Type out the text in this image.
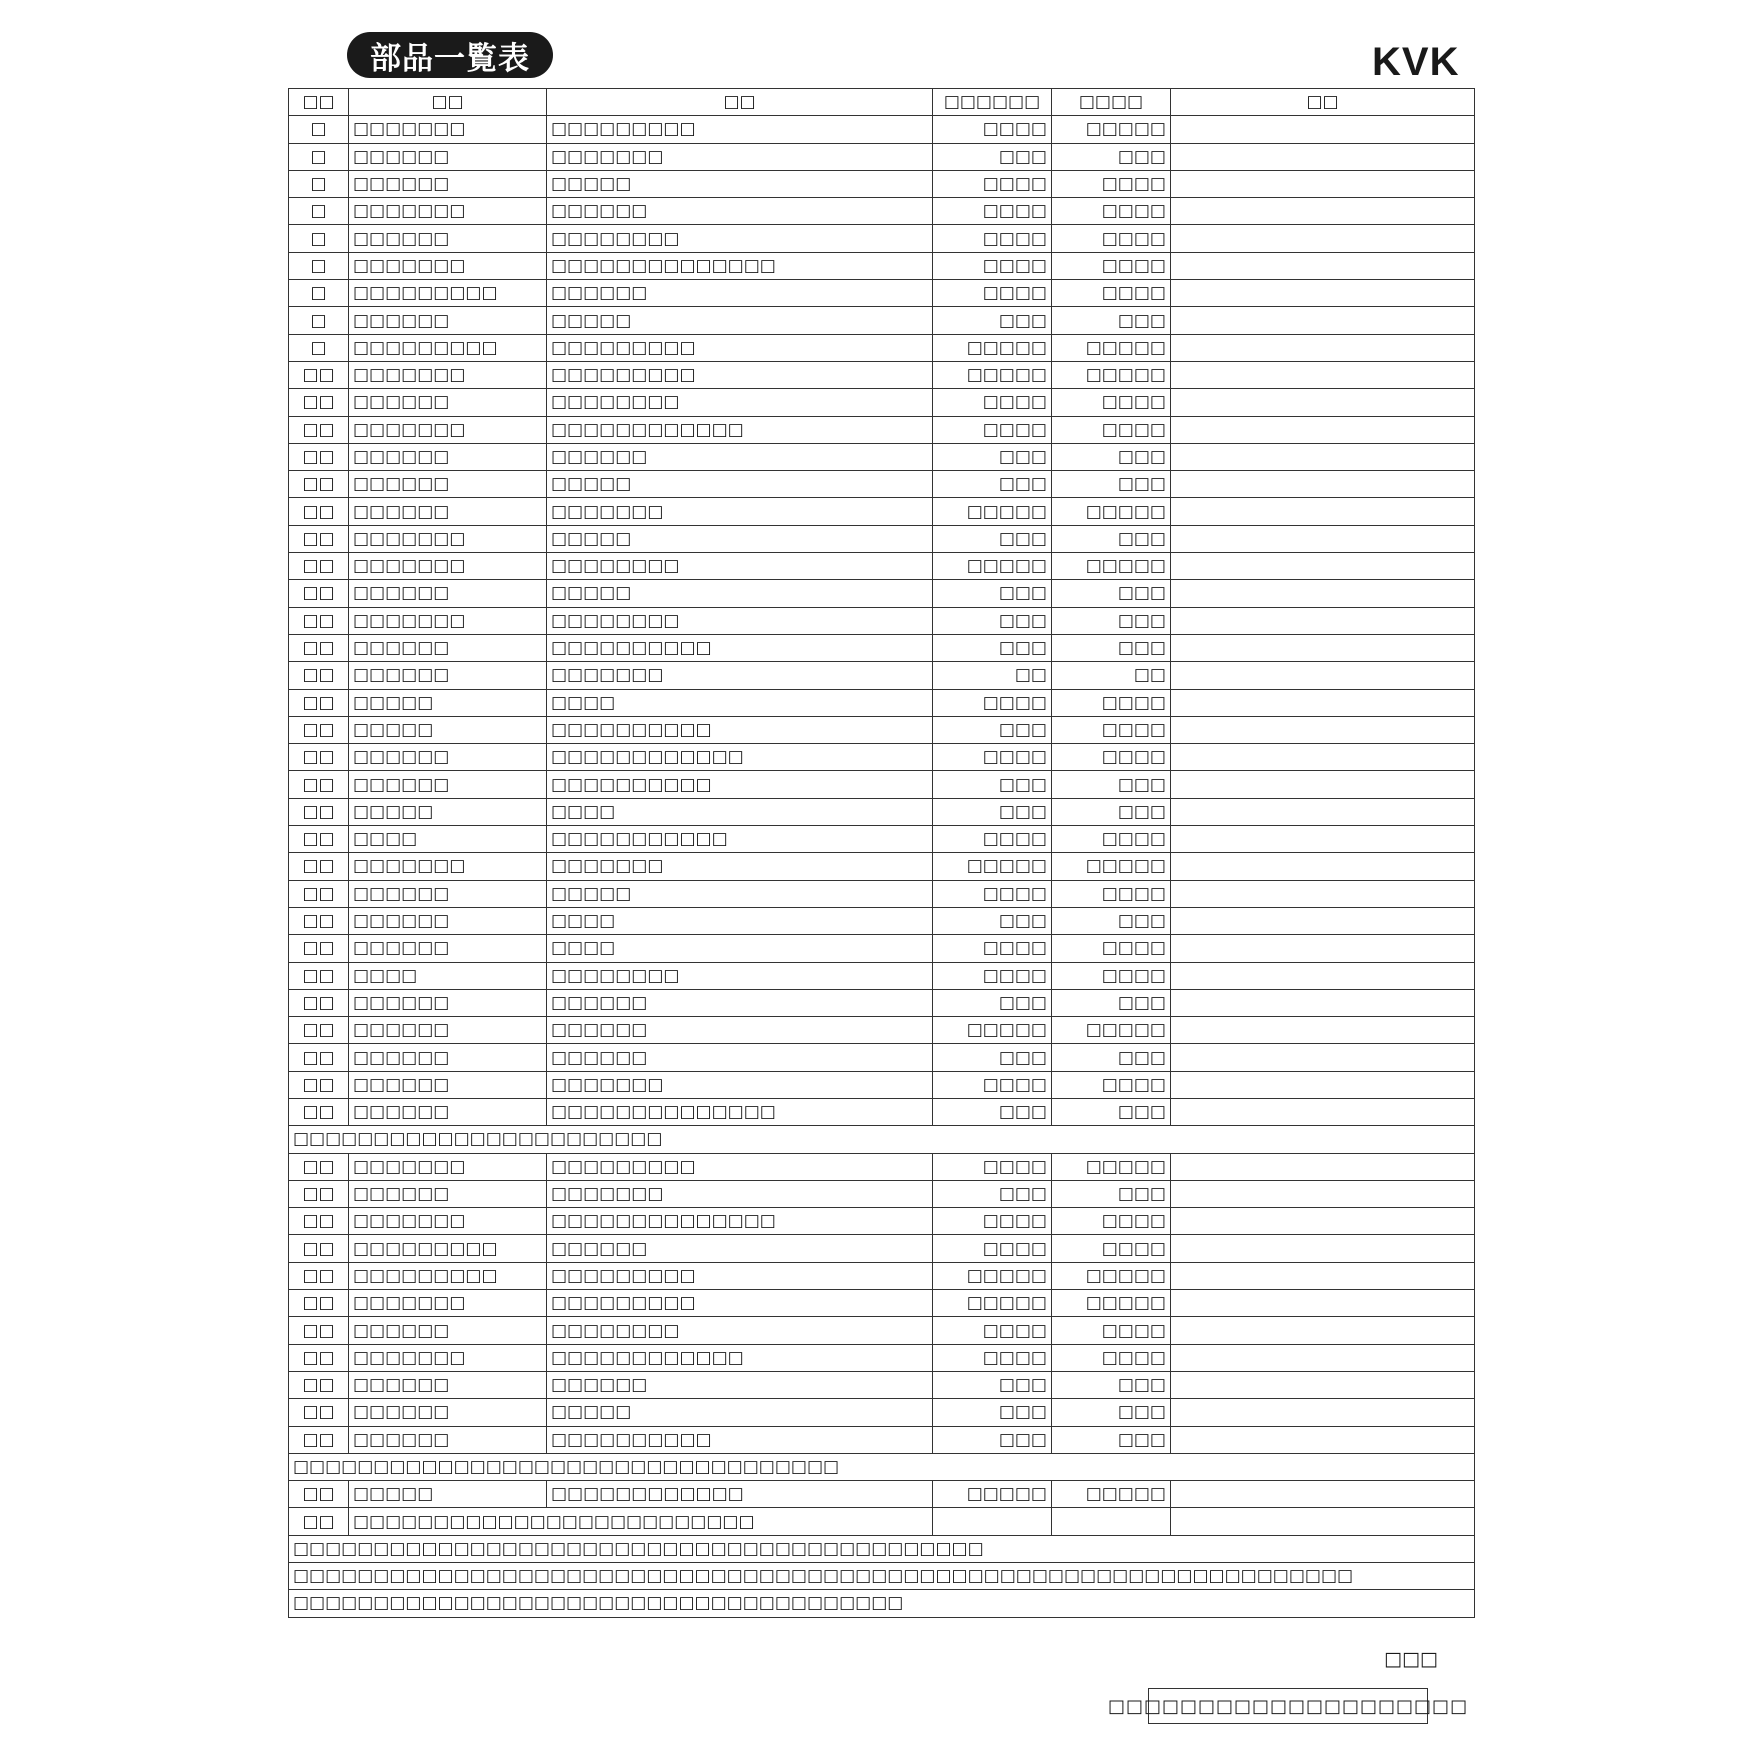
部品一覧表	KVK
□□	□□	□□	□□□□□□	□□□□	□□
□	□□□□□□□	□□□□□□□□□	□□□□	□□□□□	
□	□□□□□□	□□□□□□□	□□□	□□□	
□	□□□□□□	□□□□□	□□□□	□□□□	
□	□□□□□□□	□□□□□□	□□□□	□□□□	
□	□□□□□□	□□□□□□□□	□□□□	□□□□	
□	□□□□□□□	□□□□□□□□□□□□□□	□□□□	□□□□	
□	□□□□□□□□□	□□□□□□	□□□□	□□□□	
□	□□□□□□	□□□□□	□□□	□□□	
□	□□□□□□□□□	□□□□□□□□□	□□□□□	□□□□□	
□□	□□□□□□□	□□□□□□□□□	□□□□□	□□□□□	
□□	□□□□□□	□□□□□□□□	□□□□	□□□□	
□□	□□□□□□□	□□□□□□□□□□□□	□□□□	□□□□	
□□	□□□□□□	□□□□□□	□□□	□□□	
□□	□□□□□□	□□□□□	□□□	□□□	
□□	□□□□□□	□□□□□□□	□□□□□	□□□□□	
□□	□□□□□□□	□□□□□	□□□	□□□	
□□	□□□□□□□	□□□□□□□□	□□□□□	□□□□□	
□□	□□□□□□	□□□□□	□□□	□□□	
□□	□□□□□□□	□□□□□□□□	□□□	□□□	
□□	□□□□□□	□□□□□□□□□□	□□□	□□□	
□□	□□□□□□	□□□□□□□	□□	□□	
□□	□□□□□	□□□□	□□□□	□□□□	
□□	□□□□□	□□□□□□□□□□	□□□	□□□□	
□□	□□□□□□	□□□□□□□□□□□□	□□□□	□□□□	
□□	□□□□□□	□□□□□□□□□□	□□□	□□□	
□□	□□□□□	□□□□	□□□	□□□	
□□	□□□□	□□□□□□□□□□□	□□□□	□□□□	
□□	□□□□□□□	□□□□□□□	□□□□□	□□□□□	
□□	□□□□□□	□□□□□	□□□□	□□□□	
□□	□□□□□□	□□□□	□□□	□□□	
□□	□□□□□□	□□□□	□□□□	□□□□	
□□	□□□□	□□□□□□□□	□□□□	□□□□	
□□	□□□□□□	□□□□□□	□□□	□□□	
□□	□□□□□□	□□□□□□	□□□□□	□□□□□	
□□	□□□□□□	□□□□□□	□□□	□□□	
□□	□□□□□□	□□□□□□□	□□□□	□□□□	
□□	□□□□□□	□□□□□□□□□□□□□□	□□□	□□□	
□□□□□□□□□□□□□□□□□□□□□□□					
□□	□□□□□□□	□□□□□□□□□	□□□□	□□□□□	
□□	□□□□□□	□□□□□□□	□□□	□□□	
□□	□□□□□□□	□□□□□□□□□□□□□□	□□□□	□□□□	
□□	□□□□□□□□□	□□□□□□	□□□□	□□□□	
□□	□□□□□□□□□	□□□□□□□□□	□□□□□	□□□□□	
□□	□□□□□□□	□□□□□□□□□	□□□□□	□□□□□	
□□	□□□□□□	□□□□□□□□	□□□□	□□□□	
□□	□□□□□□□	□□□□□□□□□□□□	□□□□	□□□□	
□□	□□□□□□	□□□□□□	□□□	□□□	
□□	□□□□□□	□□□□□	□□□	□□□	
□□	□□□□□□	□□□□□□□□□□	□□□	□□□	
□□□□□□□□□□□□□□□□□□□□□□□□□□□□□□□□□□					
□□	□□□□□	□□□□□□□□□□□□	□□□□□	□□□□□	
□□	□□□□□□□□□□□□□□□□□□□□□□□□□				
□□□□□□□□□□□□□□□□□□□□□□□□□□□□□□□□□□□□□□□□□□□					
□□□□□□□□□□□□□□□□□□□□□□□□□□□□□□□□□□□□□□□□□□□□□□□□□□□□□□□□□□□□□□□□□□					
□□□□□□□□□□□□□□□□□□□□□□□□□□□□□□□□□□□□□□					
□□□
□□□□□□□□□□□□□□□□□□□□
